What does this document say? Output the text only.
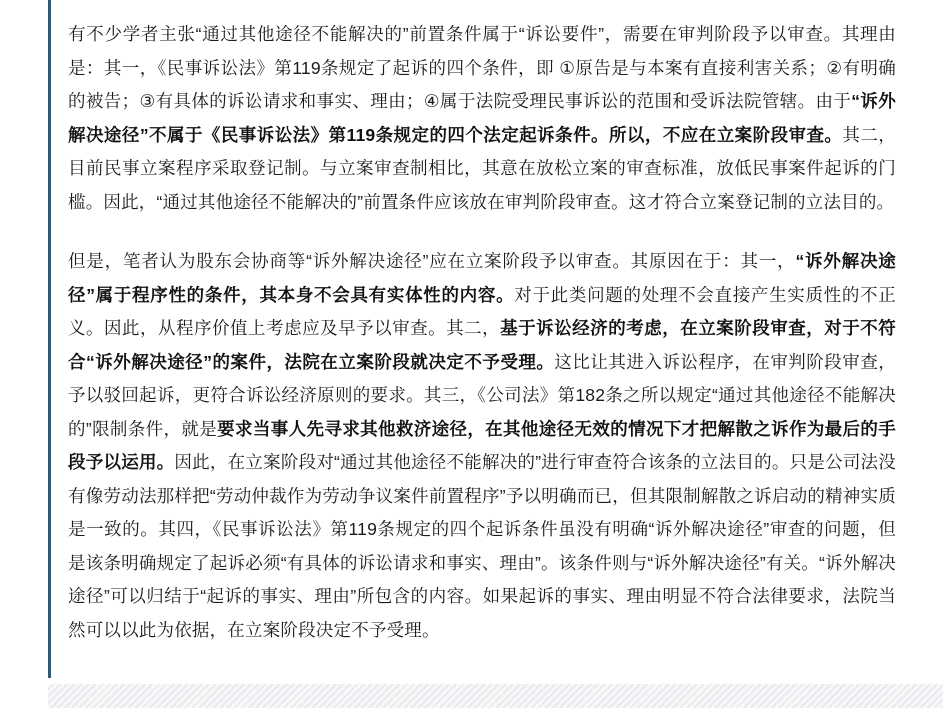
有不少学者主张“通过其他途径不能解决的”前置条件属于“诉讼要件”，需要在审判阶段予以审查。其理由是：其一，《民事诉讼法》第119条规定了起诉的四个条件，即 ①原告是与本案有直接利害关系；②有明确的被告；③有具体的诉讼请求和事实、理由；④属于法院受理民事诉讼的范围和受诉法院管辖。由于“诉外解决途径”不属于《民事诉讼法》第119条规定的四个法定起诉条件。所以，不应在立案阶段审查。其二，目前民事立案程序采取登记制。与立案审查制相比，其意在放松立案的审查标准，放低民事案件起诉的门槛。因此，“通过其他途径不能解决的”前置条件应该放在审判阶段审查。这才符合立案登记制的立法目的。

但是，笔者认为股东会协商等“诉外解决途径”应在立案阶段予以审查。其原因在于：其一，“诉外解决途径”属于程序性的条件，其本身不会具有实体性的内容。对于此类问题的处理不会直接产生实质性的不正义。因此，从程序价值上考虑应及早予以审查。其二，基于诉讼经济的考虑，在立案阶段审查，对于不符合“诉外解决途径”的案件，法院在立案阶段就决定不予受理。这比让其进入诉讼程序，在审判阶段审查，予以驳回起诉，更符合诉讼经济原则的要求。其三，《公司法》第182条之所以规定“通过其他途径不能解决的”限制条件，就是要求当事人先寻求其他救济途径，在其他途径无效的情况下才把解散之诉作为最后的手段予以运用。因此，在立案阶段对“通过其他途径不能解决的”进行审查符合该条的立法目的。只是公司法没有像劳动法那样把“劳动仲裁作为劳动争议案件前置程序”予以明确而已，但其限制解散之诉启动的精神实质是一致的。其四，《民事诉讼法》第119条规定的四个起诉条件虽没有明确“诉外解决途径”审查的问题，但是该条明确规定了起诉必须“有具体的诉讼请求和事实、理由”。该条件则与“诉外解决途径”有关。“诉外解决途径”可以归结于“起诉的事实、理由”所包含的内容。如果起诉的事实、理由明显不符合法律要求，法院当然可以以此为依据，在立案阶段决定不予受理。
